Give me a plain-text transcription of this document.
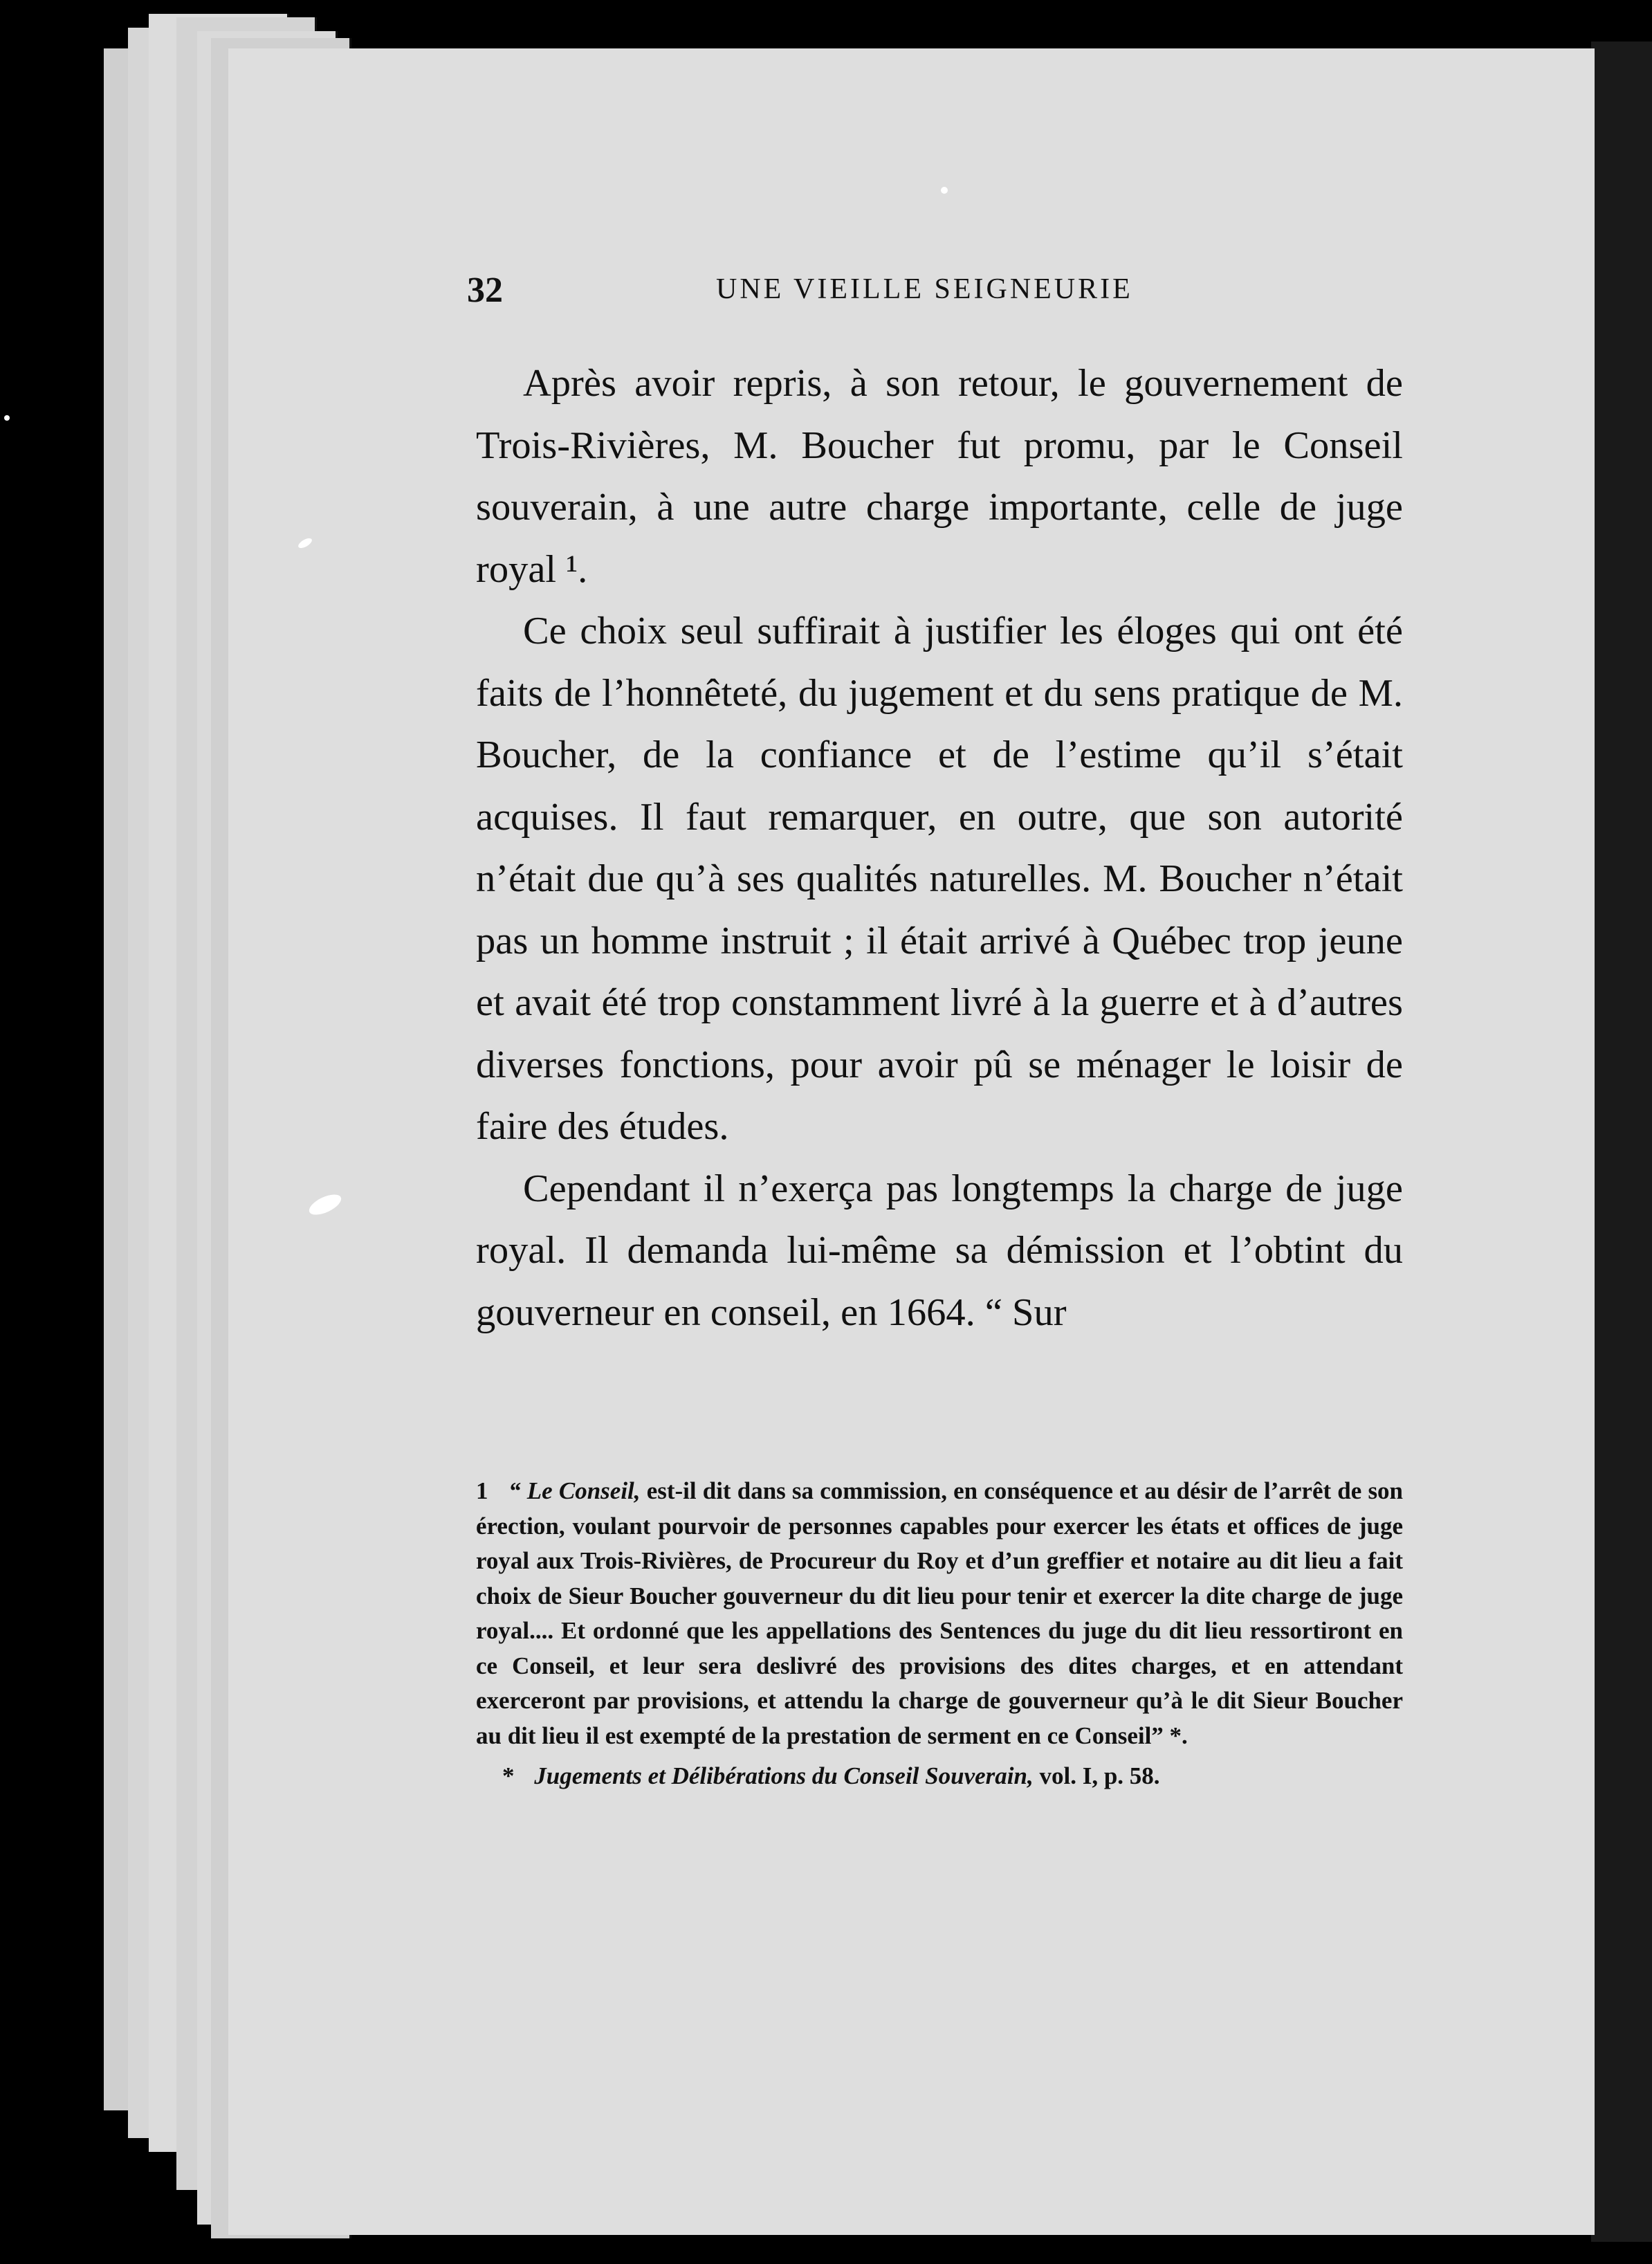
32	UNE VIEILLE SEIGNEURIE

Après avoir repris, à son retour, le gouvernement de Trois-Rivières, M. Boucher fut promu, par le Conseil souverain, à une autre charge importante, celle de juge royal ¹.

Ce choix seul suffirait à justifier les éloges qui ont été faits de l’honnêteté, du jugement et du sens pratique de M. Boucher, de la confiance et de l’estime qu’il s’était acquises. Il faut remarquer, en outre, que son autorité n’était due qu’à ses qualités naturelles. M. Boucher n’était pas un homme instruit ; il était arrivé à Québec trop jeune et avait été trop constamment livré à la guerre et à d’autres diverses fonctions, pour avoir pû se ménager le loisir de faire des études.

Cependant il n’exerça pas longtemps la charge de juge royal. Il demanda lui-même sa démission et l’obtint du gouverneur en conseil, en 1664. “ Sur

1 “ Le Conseil, est-il dit dans sa commission, en conséquence et au désir de l’arrêt de son érection, voulant pourvoir de personnes capables pour exercer les états et offices de juge royal aux Trois-Rivières, de Procureur du Roy et d’un greffier et notaire au dit lieu a fait choix de Sieur Boucher gouverneur du dit lieu pour tenir et exercer la dite charge de juge royal.... Et ordonné que les appellations des Sentences du juge du dit lieu ressortiront en ce Conseil, et leur sera deslivré des provisions des dites charges, et en attendant exerceront par provisions, et attendu la charge de gouverneur qu’à le dit Sieur Boucher au dit lieu il est exempté de la prestation de serment en ce Conseil” *.

* Jugements et Délibérations du Conseil Souverain, vol. I, p. 58.
